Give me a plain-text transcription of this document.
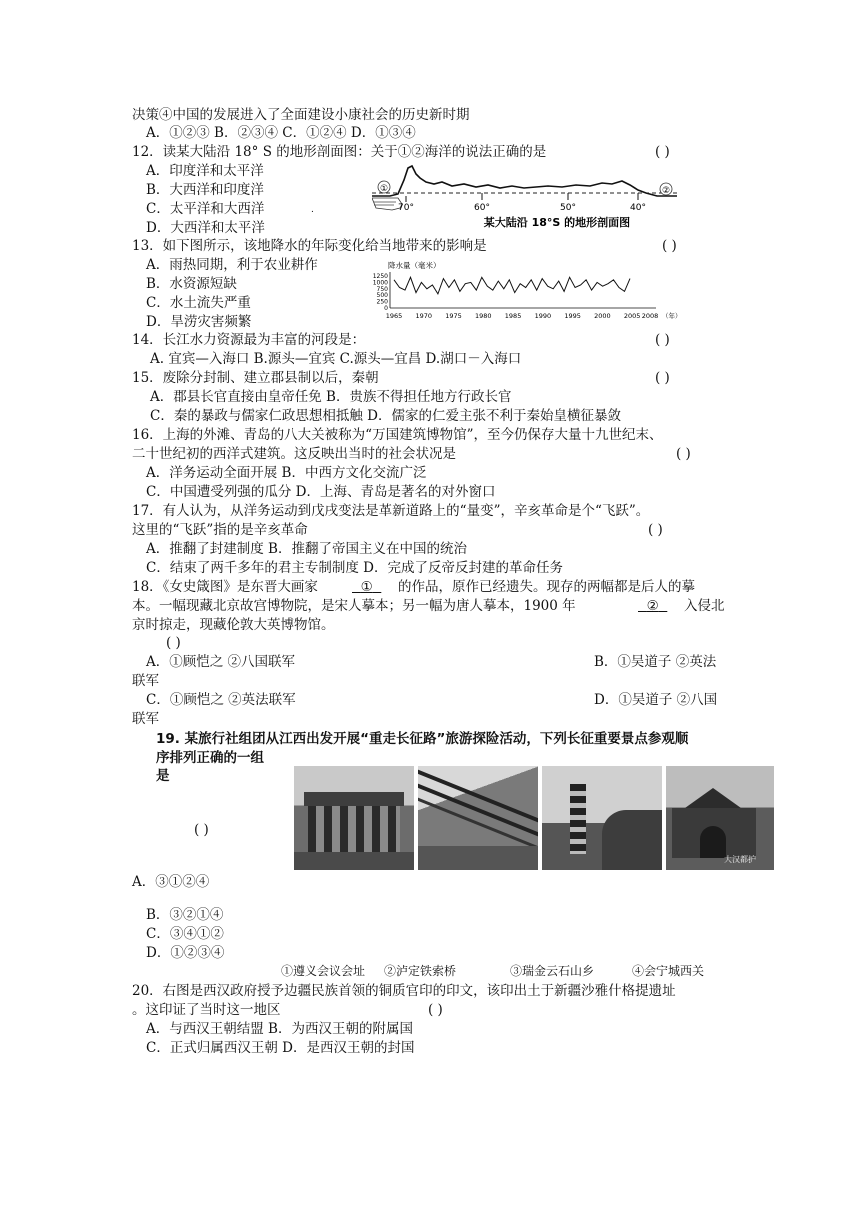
决策④中国的发展进入了全面建设小康社会的历史新时期
A．①②③ B．②③④ C．①②④ D．①③④
12．读某大陆沿 18° S 的地形剖面图：关于①②海洋的说法正确的是	( )
A．印度洋和太平洋
B．大西洋和印度洋
C．太平洋和大西洋
D．大西洋和太平洋
①	②
70°	60°	50°	40°
某大陆沿 18°S 的地形剖面图
.
13．如下图所示，该地降水的年际变化给当地带来的影响是	( )
A．雨热同期，利于农业耕作
B．水资源短缺
C．水土流失严重
D．旱涝灾害频繁
降水量（毫米）
1250
1000
750
500
250
0
1965 1970 1975 1980 1985 1990 1995 2000 2005 2008 （年）
14．长江水力资源最为丰富的河段是：	( )
A. 宜宾—入海口 B.源头—宜宾 C.源头—宜昌 D.湖口－入海口
15．废除分封制、建立郡县制以后，秦朝	( )
A．郡县长官直接由皇帝任免 B．贵族不得担任地方行政长官
C．秦的暴政与儒家仁政思想相抵触 D．儒家的仁爱主张不利于秦始皇横征暴敛
16．上海的外滩、青岛的八大关被称为“万国建筑博物馆”，至今仍保存大量十九世纪末、
二十世纪初的西洋式建筑。这反映出当时的社会状况是	( )
A．洋务运动全面开展 B．中西方文化交流广泛
C．中国遭受列强的瓜分 D．上海、青岛是著名的对外窗口
17．有人认为，从洋务运动到戊戌变法是革新道路上的“量变”，辛亥革命是个“飞跃”。
这里的“飞跃”指的是辛亥革命	( )
A．推翻了封建制度 B．推翻了帝国主义在中国的统治
C．结束了两千多年的君主专制制度 D．完成了反帝反封建的革命任务
18．《女史箴图》是东晋大画家	①	的作品，原作已经遗失。现存的两幅都是后人的摹
本。一幅现藏北京故宫博物院，是宋人摹本；另一幅为唐人摹本，1900 年	②	入侵北
京时掠走，现藏伦敦大英博物馆。
( )
A．①顾恺之 ②八国联军	B．①吴道子 ②英法
联军
C．①顾恺之 ②英法联军	D．①吴道子 ②八国
联军
19. 某旅行社组团从江西出发开展“重走长征路”旅游探险活动，下列长征重要景点参观顺
序排列正确的一组
是
大汉都护
( )
A．③①②④
B．③②①④
C．③④①②
D．①②③④
①遵义会议会址 ②泸定铁索桥	③瑞金云石山乡	④会宁城西关
20．右图是西汉政府授予边疆民族首领的铜质官印的印文，该印出土于新疆沙雅什格提遗址
。这印证了当时这一地区	( )
A．与西汉王朝结盟 B．为西汉王朝的附属国
C．正式归属西汉王朝 D．是西汉王朝的封国
